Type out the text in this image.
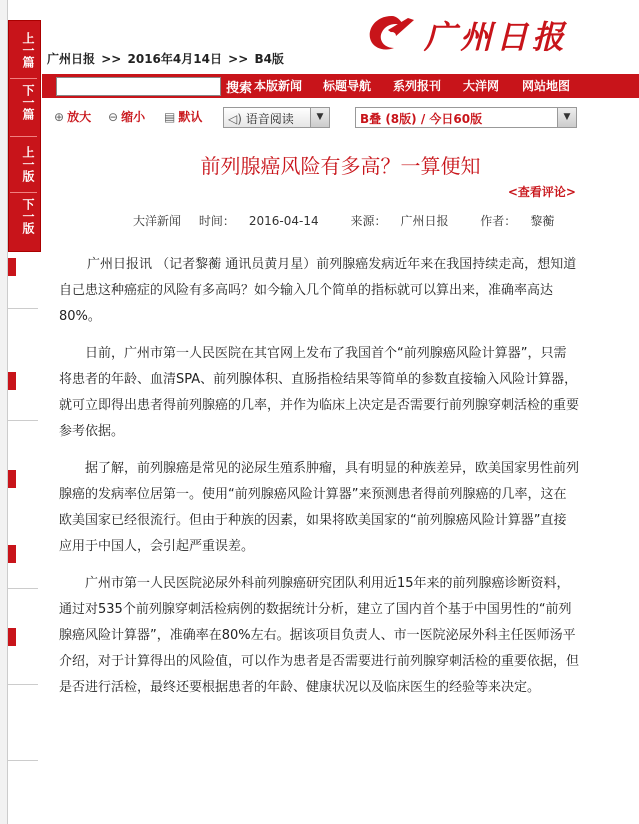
上一篇
下一篇
上一版
下一版
广州日报 >> 2016年4月14日 >> B4版
广州日报
搜索 本版新闻 标题导航 系列报刊 大洋网 网站地图
⊕ 放大 ⊖ 缩小 ▤ 默认 ◁) 语音阅读	▼	B叠 (8版) / 今日60版	▼
前列腺癌风险有多高？一算便知
<查看评论>
大洋新闻 时间： 2016-04-14	来源： 广州日报	作者： 黎蘅

广州日报讯 （记者黎蘅 通讯员黄月星）前列腺癌发病近年来在我国持续走高，想知道自己患这种癌症的风险有多高吗？如今输入几个简单的指标就可以算出来，准确率高达80%。

日前，广州市第一人民医院在其官网上发布了我国首个“前列腺癌风险计算器”，只需将患者的年龄、血清SPA、前列腺体积、直肠指检结果等简单的参数直接输入风险计算器，就可立即得出患者得前列腺癌的几率，并作为临床上决定是否需要行前列腺穿刺活检的重要参考依据。

据了解，前列腺癌是常见的泌尿生殖系肿瘤，具有明显的种族差异，欧美国家男性前列腺癌的发病率位居第一。使用“前列腺癌风险计算器”来预测患者得前列腺癌的几率，这在欧美国家已经很流行。但由于种族的因素，如果将欧美国家的“前列腺癌风险计算器”直接应用于中国人，会引起严重误差。

广州市第一人民医院泌尿外科前列腺癌研究团队利用近15年来的前列腺癌诊断资料，通过对535个前列腺穿刺活检病例的数据统计分析，建立了国内首个基于中国男性的“前列腺癌风险计算器”，准确率在80%左右。据该项目负责人、市一医院泌尿外科主任医师汤平介绍，对于计算得出的风险值，可以作为患者是否需要进行前列腺穿刺活检的重要依据，但是否进行活检，最终还要根据患者的年龄、健康状况以及临床医生的经验等来决定。
